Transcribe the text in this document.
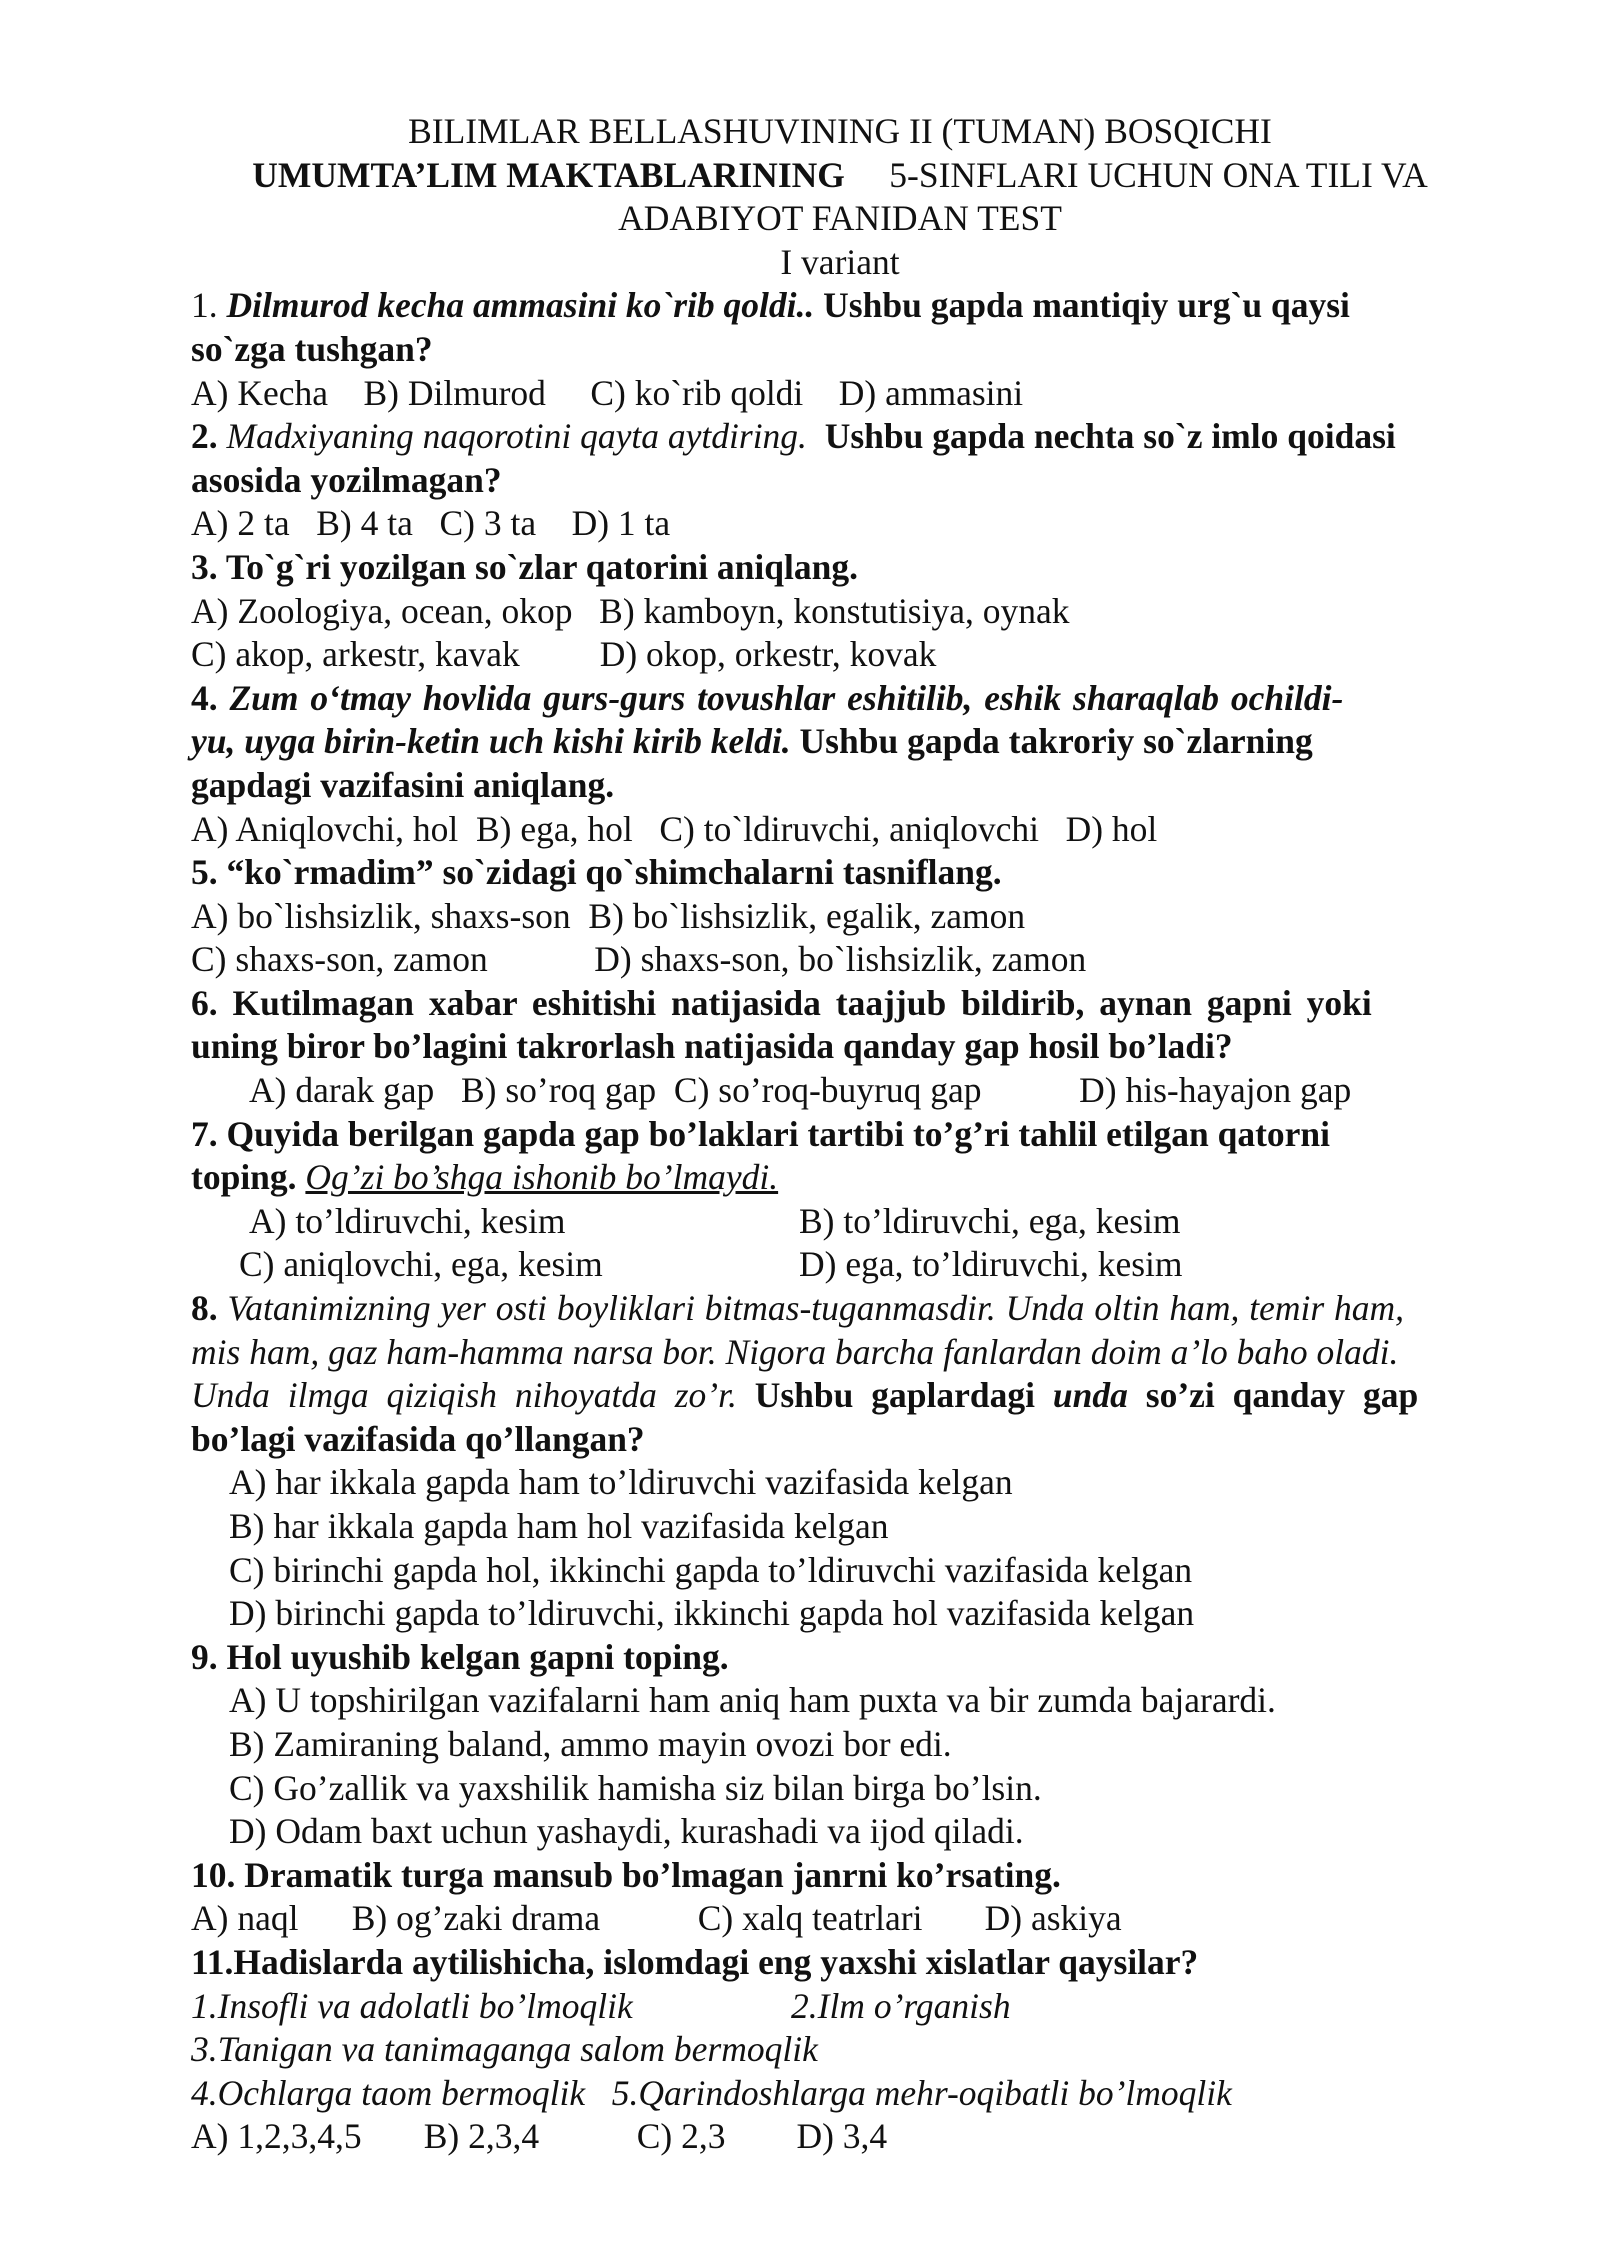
BILIMLAR BELLASHUVINING II (TUMAN) BOSQICHI
UMUMTA’LIM MAKTABLARINING 5-SINFLARI UCHUN ONA TILI VA
ADABIYOT FANIDAN TEST
I variant
1. Dilmurod kecha ammasini ko`rib qoldi.. Ushbu gapda mantiqiy urg`u qaysi
so`zga tushgan?
A) Kecha B) Dilmurod C) ko`rib qoldi D) ammasini
2. Madxiyaning naqorotini qayta aytdiring. Ushbu gapda nechta so`z imlo qoidasi
asosida yozilmagan?
A) 2 ta B) 4 ta C) 3 ta D) 1 ta
3. To`g`ri yozilgan so`zlar qatorini aniqlang.
A) Zoologiya, ocean, okop B) kamboyn, konstutisiya, oynak
C) akop, arkestr, kavak D) okop, orkestr, kovak
4. Zum o‘tmay hovlida gurs-gurs tovushlar eshitilib, eshik sharaqlab ochildi-
yu, uyga birin-ketin uch kishi kirib keldi. Ushbu gapda takroriy so`zlarning
gapdagi vazifasini aniqlang.
A) Aniqlovchi, hol B) ega, hol C) to`ldiruvchi, aniqlovchi D) hol
5. “ko`rmadim” so`zidagi qo`shimchalarni tasniflang.
A) bo`lishsizlik, shaxs-son B) bo`lishsizlik, egalik, zamon
C) shaxs-son, zamon	D) shaxs-son, bo`lishsizlik, zamon
6. Kutilmagan xabar eshitishi natijasida taajjub bildirib, aynan gapni yoki
uning biror bo’lagini takrorlash natijasida qanday gap hosil bo’ladi?
A) darak gap B) so’roq gap C) so’roq-buyruq gap	D) his-hayajon gap
7. Quyida berilgan gapda gap bo’laklari tartibi to’g’ri tahlil etilgan qatorni
toping. Og’zi bo’shga ishonib bo’lmaydi.
A) to’ldiruvchi, kesim	B) to’ldiruvchi, ega, kesim
C) aniqlovchi, ega, kesim	D) ega, to’ldiruvchi, kesim
8. Vatanimizning yer osti boyliklari bitmas-tuganmasdir. Unda oltin ham, temir ham,
mis ham, gaz ham-hamma narsa bor. Nigora barcha fanlardan doim a’lo baho oladi.
Unda ilmga qiziqish nihoyatda zo’r. Ushbu gaplardagi unda so’zi qanday gap
bo’lagi vazifasida qo’llangan?
A) har ikkala gapda ham to’ldiruvchi vazifasida kelgan
B) har ikkala gapda ham hol vazifasida kelgan
C) birinchi gapda hol, ikkinchi gapda to’ldiruvchi vazifasida kelgan
D) birinchi gapda to’ldiruvchi, ikkinchi gapda hol vazifasida kelgan
9. Hol uyushib kelgan gapni toping.
A) U topshirilgan vazifalarni ham aniq ham puxta va bir zumda bajarardi.
B) Zamiraning baland, ammo mayin ovozi bor edi.
C) Go’zallik va yaxshilik hamisha siz bilan birga bo’lsin.
D) Odam baxt uchun yashaydi, kurashadi va ijod qiladi.
10. Dramatik turga mansub bo’lmagan janrni ko’rsating.
A) naql B) og’zaki drama	C) xalq teatrlari D) askiya
11.Hadislarda aytilishicha, islomdagi eng yaxshi xislatlar qaysilar?
1.Insofli va adolatli bo’lmoqlik	2.Ilm o’rganish
3.Tanigan va tanimaganga salom bermoqlik
4.Ochlarga taom bermoqlik 5.Qarindoshlarga mehr-oqibatli bo’lmoqlik
A) 1,2,3,4,5 B) 2,3,4	C) 2,3 D) 3,4
